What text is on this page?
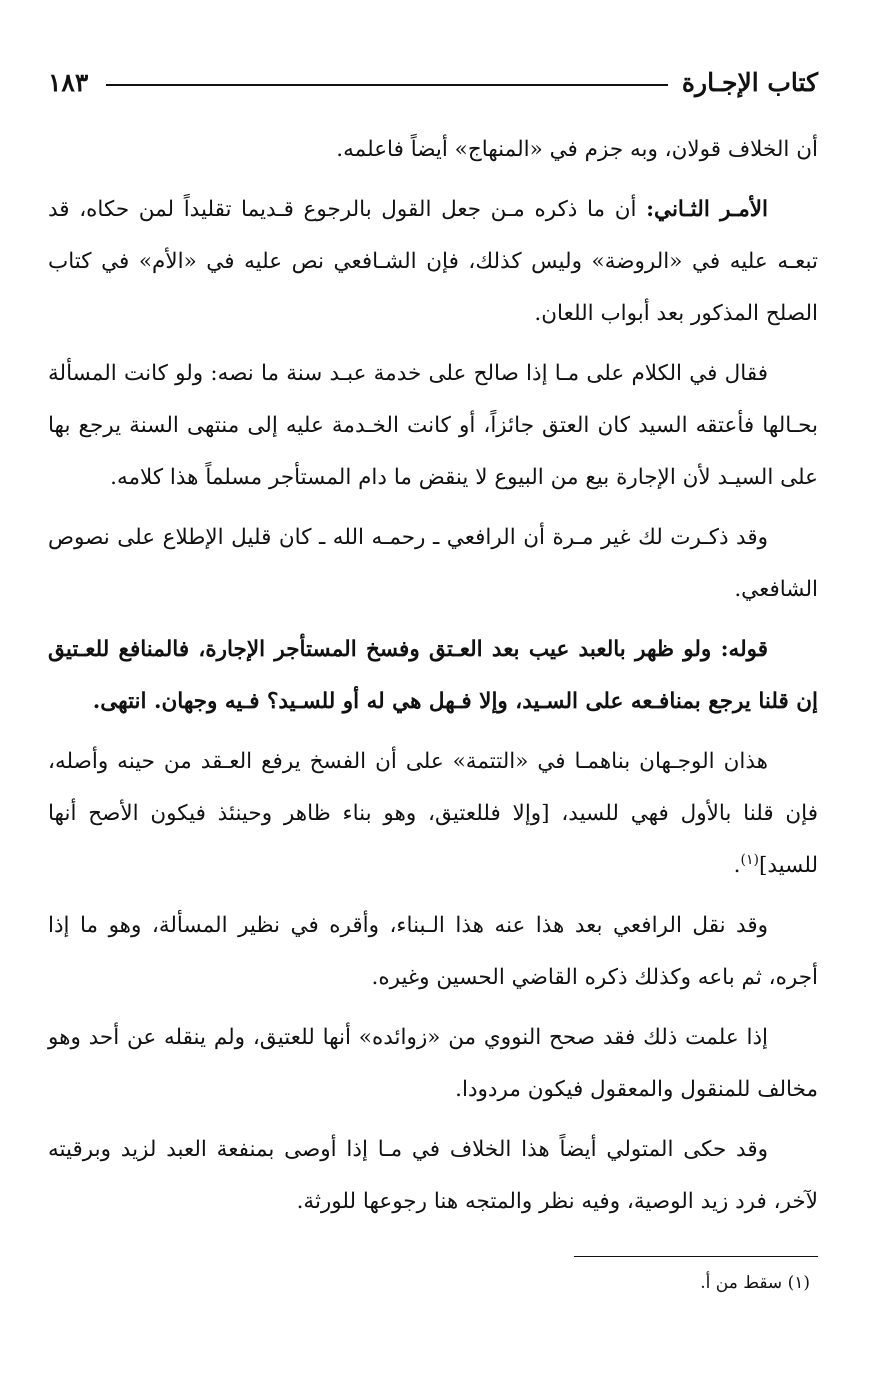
كتاب الإجـارة
١٨٣

أن الخلاف قولان، وبه جزم في «المنهاج» أيضاً فاعلمه.

الأمـر الثـاني: أن ما ذكره مـن جعل القول بالرجوع قـديما تقليداً لمن حكاه، قد تبعـه عليه في «الروضة» وليس كذلك، فإن الشـافعي نص عليه في «الأم» في كتاب الصلح المذكور بعد أبواب اللعان.

فقال في الكلام على مـا إذا صالح على خدمة عبـد سنة ما نصه: ولو كانت المسألة بحـالها فأعتقه السيد كان العتق جائزاً، أو كانت الخـدمة عليه إلى منتهى السنة يرجع بها على السيـد لأن الإجارة بيع من البيوع لا ينقض ما دام المستأجر مسلماً هذا كلامه.

وقد ذكـرت لك غير مـرة أن الرافعي ـ رحمـه الله ـ كان قليل الإطلاع على نصوص الشافعي.

قوله: ولو ظهر بالعبد عيب بعد العـتق وفسخ المستأجر الإجارة، فالمنافع للعـتيق إن قلنا يرجع بمنافـعه على السـيد، وإلا فـهل هي له أو للسـيد؟ فـيه وجهان. انتهى.

هذان الوجـهان بناهمـا في «التتمة» على أن الفسخ يرفع العـقد من حينه وأصله، فإن قلنا بالأول فهي للسيد، [وإلا فللعتيق، وهو بناء ظاهر وحينئذ فيكون الأصح أنها للسيد]$^{(١)}$.

وقد نقل الرافعي بعد هذا عنه هذا الـبناء، وأقره في نظير المسألة، وهو ما إذا أجره، ثم باعه وكذلك ذكره القاضي الحسين وغيره.

إذا علمت ذلك فقد صحح النووي من «زوائده» أنها للعتيق، ولم ينقله عن أحد وهو مخالف للمنقول والمعقول فيكون مردودا.

وقد حكى المتولي أيضاً هذا الخلاف في مـا إذا أوصى بمنفعة العبد لزيد وبرقيته لآخر، فرد زيد الوصية، وفيه نظر والمتجه هنا رجوعها للورثة.

(١) سقط من أ.
